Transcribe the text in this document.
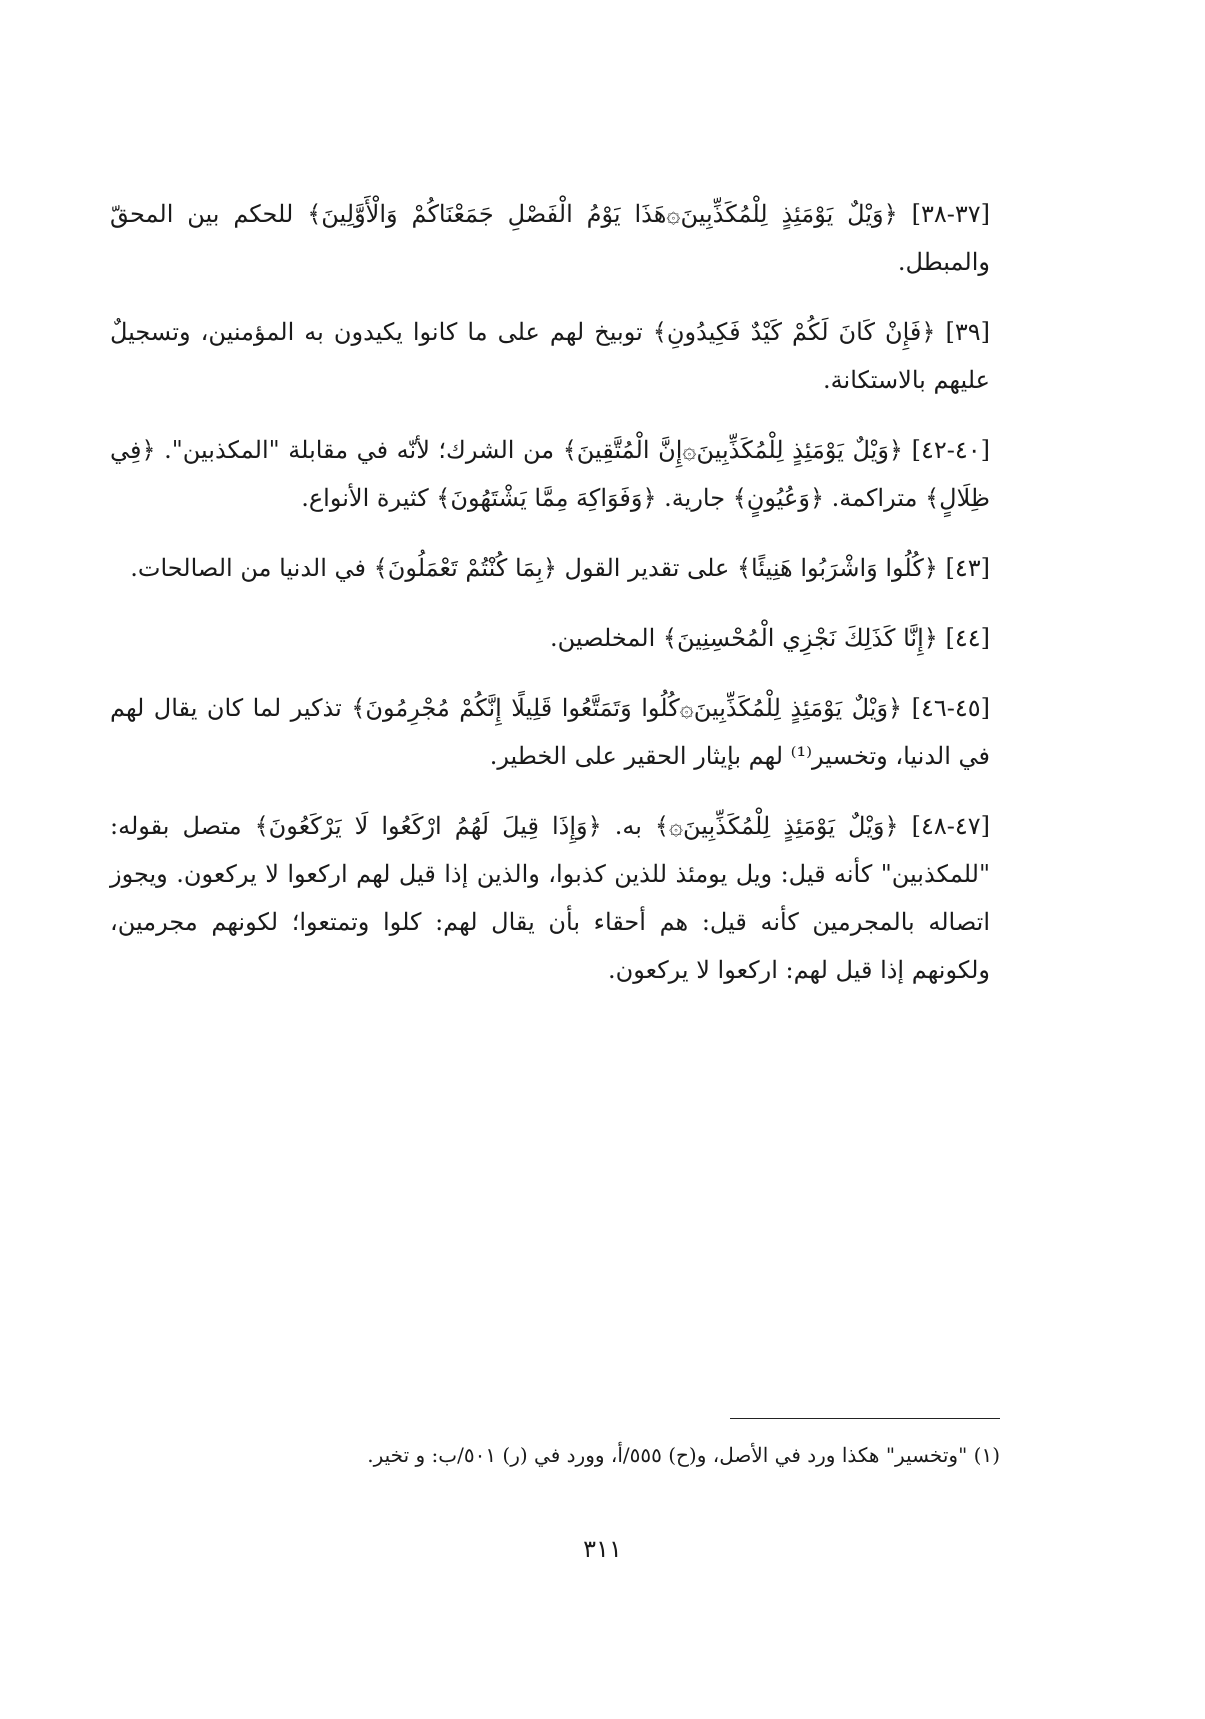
[٣٧-٣٨] ﴿وَيْلٌ يَوْمَئِذٍ لِلْمُكَذِّبِينَ۞هَذَا يَوْمُ الْفَصْلِ جَمَعْنَاكُمْ وَالْأَوَّلِينَ﴾ للحكم بين المحقّ والمبطل.

[٣٩] ﴿فَإِنْ كَانَ لَكُمْ كَيْدٌ فَكِيدُونِ﴾ توبيخ لهم على ما كانوا يكيدون به المؤمنين، وتسجيلٌ عليهم بالاستكانة.

[٤٠-٤٢] ﴿وَيْلٌ يَوْمَئِذٍ لِلْمُكَذِّبِينَ۞إِنَّ الْمُتَّقِينَ﴾ من الشرك؛ لأنّه في مقابلة "المكذبين". ﴿فِي ظِلَالٍ﴾ متراكمة. ﴿وَعُيُونٍ﴾ جارية. ﴿وَفَوَاكِهَ مِمَّا يَشْتَهُونَ﴾ كثيرة الأنواع.

[٤٣] ﴿كُلُوا وَاشْرَبُوا هَنِيئًا﴾ على تقدير القول ﴿بِمَا كُنْتُمْ تَعْمَلُونَ﴾ في الدنيا من الصالحات.

[٤٤] ﴿إِنَّا كَذَلِكَ نَجْزِي الْمُحْسِنِينَ﴾ المخلصين.

[٤٥-٤٦] ﴿وَيْلٌ يَوْمَئِذٍ لِلْمُكَذِّبِينَ۞كُلُوا وَتَمَتَّعُوا قَلِيلًا إِنَّكُمْ مُجْرِمُونَ﴾ تذكير لما كان يقال لهم في الدنيا، وتخسير⁽¹⁾ لهم بإيثار الحقير على الخطير.

[٤٧-٤٨] ﴿وَيْلٌ يَوْمَئِذٍ لِلْمُكَذِّبِينَ۞﴾ به. ﴿وَإِذَا قِيلَ لَهُمُ ارْكَعُوا لَا يَرْكَعُونَ﴾ متصل بقوله: "للمكذبين" كأنه قيل: ويل يومئذ للذين كذبوا، والذين إذا قيل لهم اركعوا لا يركعون. ويجوز اتصاله بالمجرمين كأنه قيل: هم أحقاء بأن يقال لهم: كلوا وتمتعوا؛ لكونهم مجرمين، ولكونهم إذا قيل لهم: اركعوا لا يركعون.

(١) "وتخسير" هكذا ورد في الأصل، و(ح) ٥٥٥/أ، وورد في (ر) ٥٠١/ب: و تخير.
٣١١
